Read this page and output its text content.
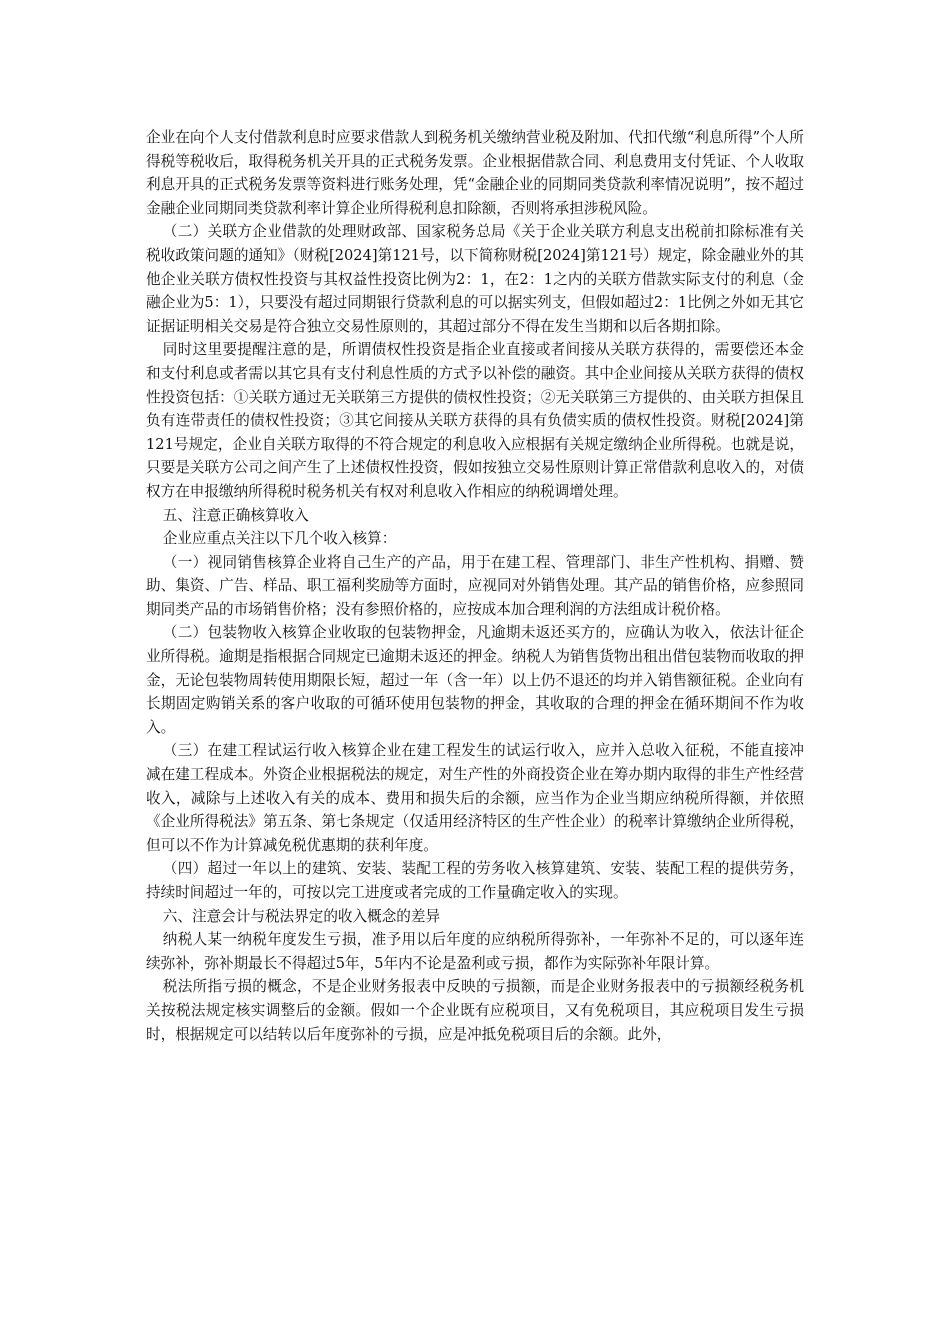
企业在向个人支付借款利息时应要求借款人到税务机关缴纳营业税及附加、代扣代缴“利息所得”个人所得税等税收后，取得税务机关开具的正式税务发票。企业根据借款合同、利息费用支付凭证、个人收取利息开具的正式税务发票等资料进行账务处理，凭“金融企业的同期同类贷款利率情况说明”，按不超过金融企业同期同类贷款利率计算企业所得税利息扣除额，否则将承担涉税风险。

（二）关联方企业借款的处理财政部、国家税务总局《关于企业关联方利息支出税前扣除标准有关税收政策问题的通知》（财税[2024]第121号，以下简称财税[2024]第121号）规定，除金融业外的其他企业关联方债权性投资与其权益性投资比例为2：1，在2：1之内的关联方借款实际支付的利息（金融企业为5：1），只要没有超过同期银行贷款利息的可以据实列支，但假如超过2：1比例之外如无其它证据证明相关交易是符合独立交易性原则的，其超过部分不得在发生当期和以后各期扣除。

同时这里要提醒注意的是，所谓债权性投资是指企业直接或者间接从关联方获得的，需要偿还本金和支付利息或者需以其它具有支付利息性质的方式予以补偿的融资。其中企业间接从关联方获得的债权性投资包括：①关联方通过无关联第三方提供的债权性投资；②无关联第三方提供的、由关联方担保且负有连带责任的债权性投资；③其它间接从关联方获得的具有负债实质的债权性投资。财税[2024]第121号规定，企业自关联方取得的不符合规定的利息收入应根据有关规定缴纳企业所得税。也就是说，只要是关联方公司之间产生了上述债权性投资，假如按独立交易性原则计算正常借款利息收入的，对债权方在申报缴纳所得税时税务机关有权对利息收入作相应的纳税调增处理。

五、注意正确核算收入

企业应重点关注以下几个收入核算：

（一）视同销售核算企业将自己生产的产品，用于在建工程、管理部门、非生产性机构、捐赠、赞助、集资、广告、样品、职工福利奖励等方面时，应视同对外销售处理。其产品的销售价格，应参照同期同类产品的市场销售价格；没有参照价格的，应按成本加合理利润的方法组成计税价格。

（二）包装物收入核算企业收取的包装物押金，凡逾期未返还买方的，应确认为收入，依法计征企业所得税。逾期是指根据合同规定已逾期未返还的押金。纳税人为销售货物出租出借包装物而收取的押金，无论包装物周转使用期限长短，超过一年（含一年）以上仍不退还的均并入销售额征税。企业向有长期固定购销关系的客户收取的可循环使用包装物的押金，其收取的合理的押金在循环期间不作为收入。

（三）在建工程试运行收入核算企业在建工程发生的试运行收入，应并入总收入征税，不能直接冲减在建工程成本。外资企业根据税法的规定，对生产性的外商投资企业在筹办期内取得的非生产性经营收入，减除与上述收入有关的成本、费用和损失后的余额，应当作为企业当期应纳税所得额，并依照《企业所得税法》第五条、第七条规定（仅适用经济特区的生产性企业）的税率计算缴纳企业所得税，但可以不作为计算减免税优惠期的获利年度。

（四）超过一年以上的建筑、安装、装配工程的劳务收入核算建筑、安装、装配工程的提供劳务，持续时间超过一年的，可按以完工进度或者完成的工作量确定收入的实现。

六、注意会计与税法界定的收入概念的差异

纳税人某一纳税年度发生亏损，准予用以后年度的应纳税所得弥补，一年弥补不足的，可以逐年连续弥补，弥补期最长不得超过5年，5年内不论是盈利或亏损，都作为实际弥补年限计算。

税法所指亏损的概念，不是企业财务报表中反映的亏损额，而是企业财务报表中的亏损额经税务机关按税法规定核实调整后的金额。假如一个企业既有应税项目，又有免税项目，其应税项目发生亏损时，根据规定可以结转以后年度弥补的亏损，应是冲抵免税项目后的余额。此外，
